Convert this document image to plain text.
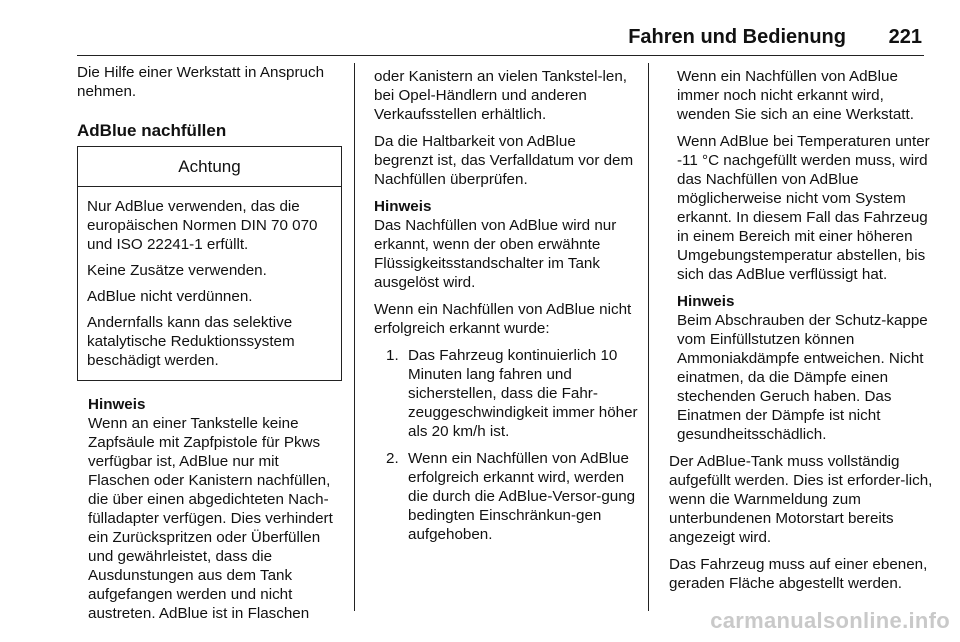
Fahren und Bedienung 221

Die Hilfe einer Werkstatt in Anspruch nehmen.

AdBlue nachfüllen
Achtung

Nur AdBlue verwenden, das die europäischen Normen DIN 70 070 und ISO 22241-1 erfüllt.

Keine Zusätze verwenden.

AdBlue nicht verdünnen.

Andernfalls kann das selektive katalytische Reduktionssystem beschädigt werden.

Hinweis

Wenn an einer Tankstelle keine Zapfsäule mit Zapfpistole für Pkws verfügbar ist, AdBlue nur mit Flaschen oder Kanistern nachfüllen, die über einen abgedichteten Nach-fülladapter verfügen. Dies verhindert ein Zurückspritzen oder Überfüllen und gewährleistet, dass die Ausdunstungen aus dem Tank aufgefangen werden und nicht austreten. AdBlue ist in Flaschen

oder Kanistern an vielen Tankstel-len, bei Opel-Händlern und anderen Verkaufsstellen erhältlich.

Da die Haltbarkeit von AdBlue begrenzt ist, das Verfalldatum vor dem Nachfüllen überprüfen.

Hinweis

Das Nachfüllen von AdBlue wird nur erkannt, wenn der oben erwähnte Flüssigkeitsstandschalter im Tank ausgelöst wird.

Wenn ein Nachfüllen von AdBlue nicht erfolgreich erkannt wurde:

1. Das Fahrzeug kontinuierlich 10 Minuten lang fahren und sicherstellen, dass die Fahr-zeuggeschwindigkeit immer höher als 20 km/h ist.
2. Wenn ein Nachfüllen von AdBlue erfolgreich erkannt wird, werden die durch die AdBlue-Versor-gung bedingten Einschränkun-gen aufgehoben.

Wenn ein Nachfüllen von AdBlue immer noch nicht erkannt wird, wenden Sie sich an eine Werkstatt.

Wenn AdBlue bei Temperaturen unter -11 °C nachgefüllt werden muss, wird das Nachfüllen von AdBlue möglicherweise nicht vom System erkannt. In diesem Fall das Fahrzeug in einem Bereich mit einer höheren Umgebungstemperatur abstellen, bis sich das AdBlue verflüssigt hat.

Hinweis

Beim Abschrauben der Schutz-kappe vom Einfüllstutzen können Ammoniakdämpfe entweichen. Nicht einatmen, da die Dämpfe einen stechenden Geruch haben. Das Einatmen der Dämpfe ist nicht gesundheitsschädlich.

Der AdBlue-Tank muss vollständig aufgefüllt werden. Dies ist erforder-lich, wenn die Warnmeldung zum unterbundenen Motorstart bereits angezeigt wird.

Das Fahrzeug muss auf einer ebenen, geraden Fläche abgestellt werden.

carmanualsonline.info
